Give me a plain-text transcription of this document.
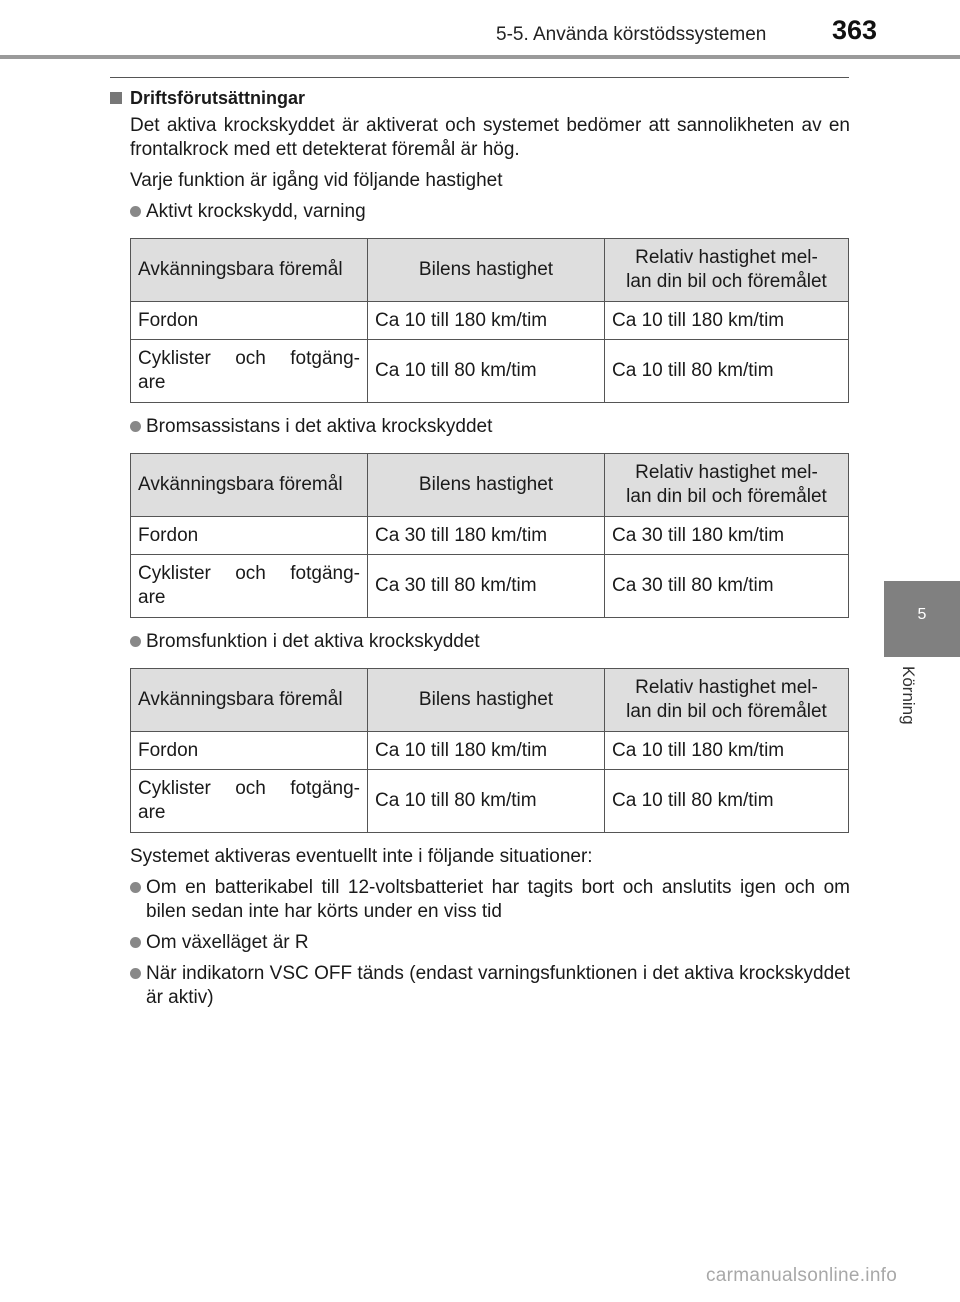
5-5. Använda körstödssystemen 363
5
Körning
Driftsförutsättningar
Det aktiva krockskyddet är aktiverat och systemet bedömer att sannolikheten av en frontalkrock med ett detekterat föremål är hög.
Varje funktion är igång vid följande hastighet
Aktivt krockskydd, varning
Avkänningsbara föremål	Bilens hastighet	Relativ hastighet mel-
lan din bil och föremålet
Fordon	Ca 10 till 180 km/tim	Ca 10 till 180 km/tim

Cyklister och fotgäng-
are	Ca 10 till 80 km/tim	Ca 10 till 80 km/tim
Bromsassistans i det aktiva krockskyddet
Avkänningsbara föremål	Bilens hastighet	Relativ hastighet mel-
lan din bil och föremålet
Fordon	Ca 30 till 180 km/tim	Ca 30 till 180 km/tim

Cyklister och fotgäng-
are	Ca 30 till 80 km/tim	Ca 30 till 80 km/tim
Bromsfunktion i det aktiva krockskyddet
Avkänningsbara föremål	Bilens hastighet	Relativ hastighet mel-
lan din bil och föremålet
Fordon	Ca 10 till 180 km/tim	Ca 10 till 180 km/tim

Cyklister och fotgäng-
are	Ca 10 till 80 km/tim	Ca 10 till 80 km/tim
Systemet aktiveras eventuellt inte i följande situationer:
Om en batterikabel till 12-voltsbatteriet har tagits bort och anslutits igen och om bilen sedan inte har körts under en viss tid
Om växelläget är R
När indikatorn VSC OFF tänds (endast varningsfunktionen i det aktiva krockskyddet är aktiv)
carmanualsonline.info
